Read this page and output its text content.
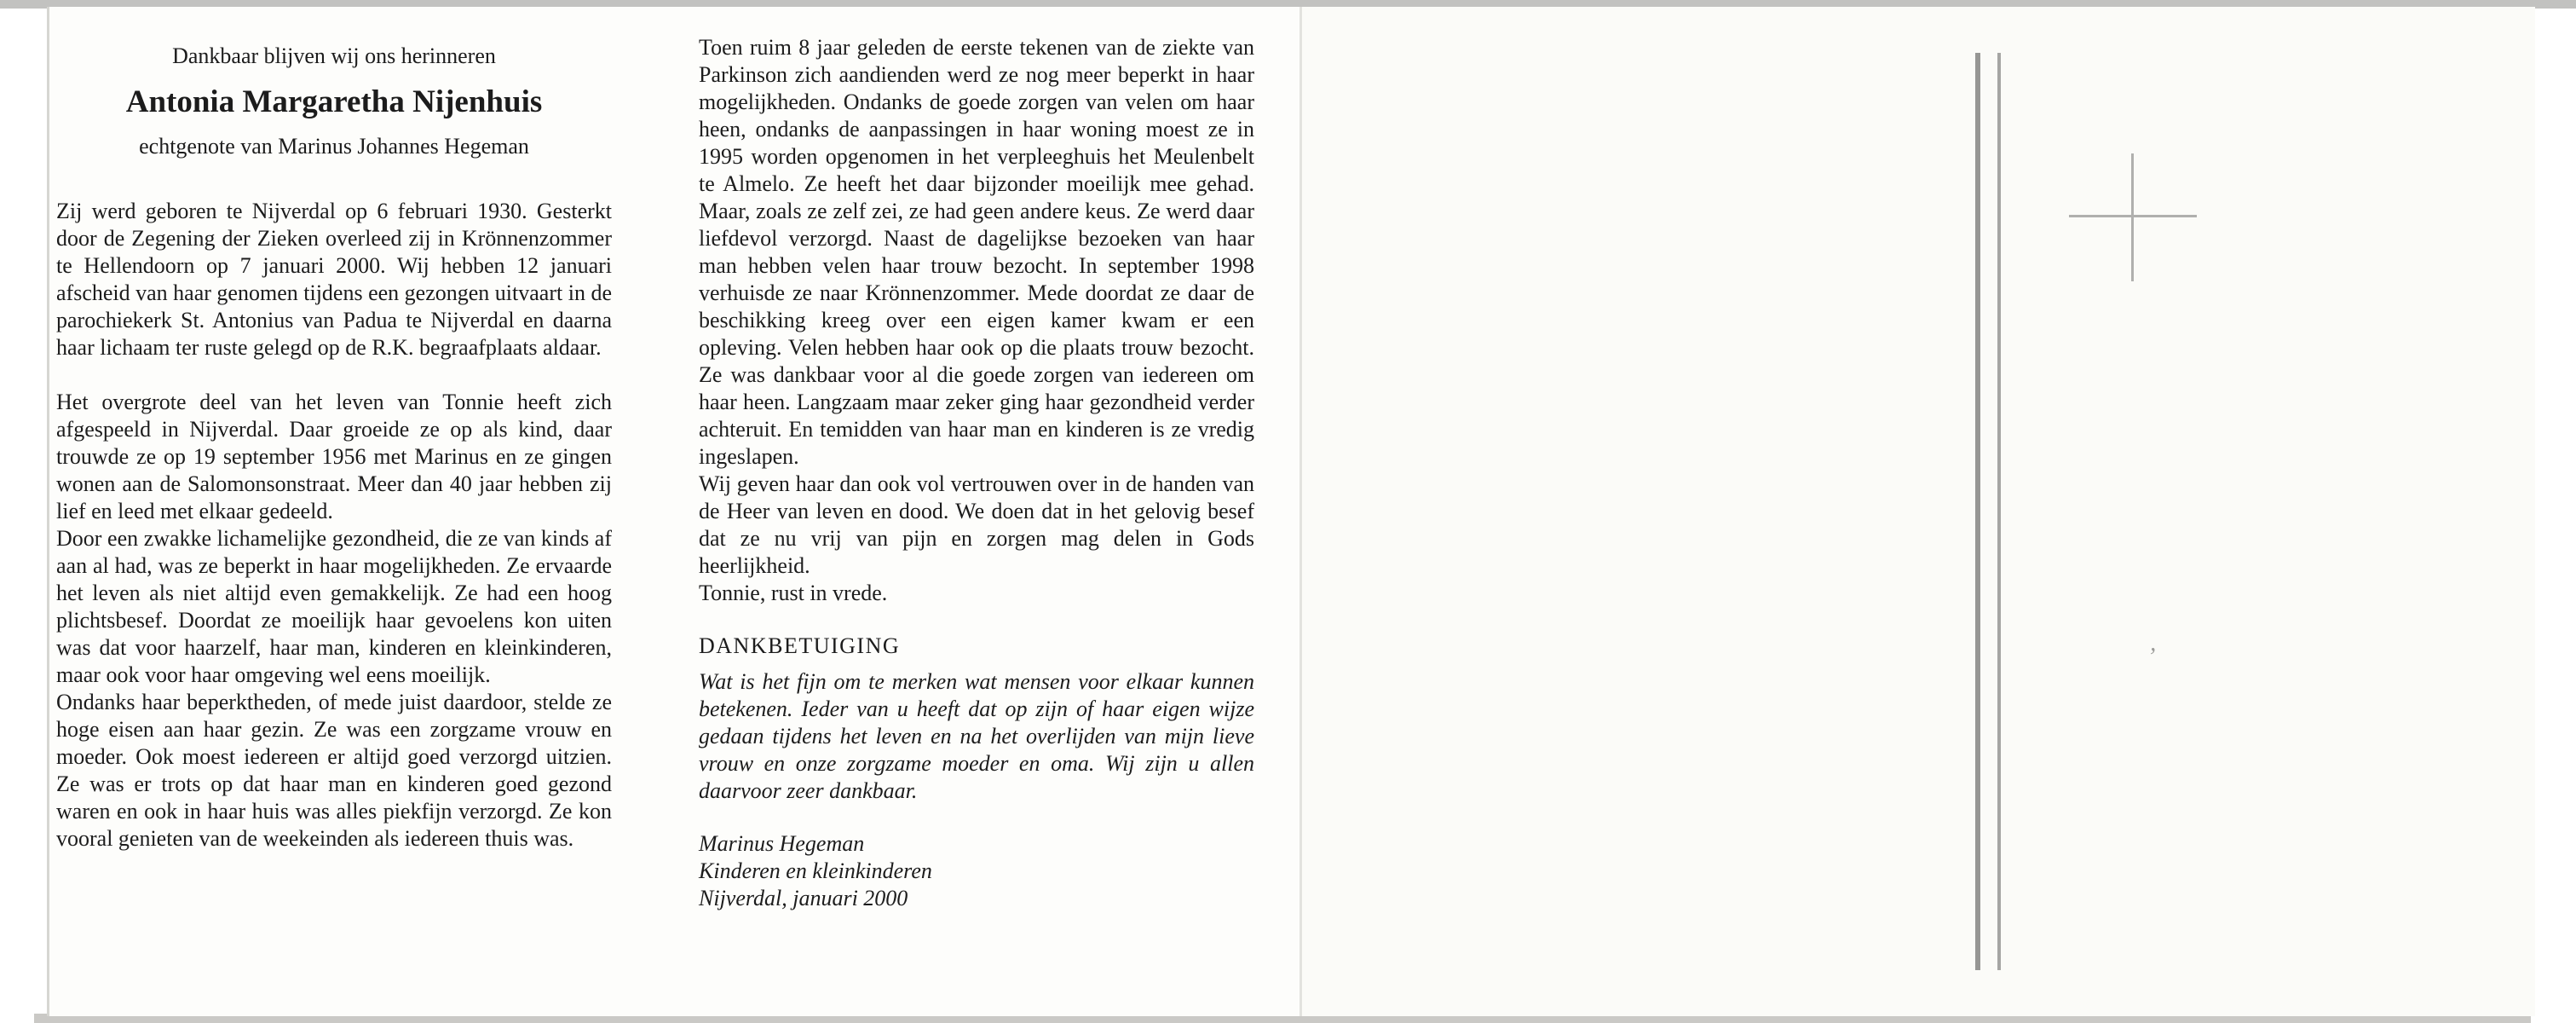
Dankbaar blijven wij ons herinneren

Antonia Margaretha Nijenhuis

echtgenote van Marinus Johannes Hegeman

Zij werd geboren te Nijverdal op 6 februari 1930. Gesterkt door de Zegening der Zieken overleed zij in Krönnenzommer te Hellendoorn op 7 januari 2000. Wij hebben 12 januari afscheid van haar genomen tijdens een gezongen uitvaart in de parochiekerk St. Antonius van Padua te Nijverdal en daarna haar lichaam ter ruste gelegd op de R.K. begraafplaats aldaar.

Het overgrote deel van het leven van Tonnie heeft zich afgespeeld in Nijverdal. Daar groeide ze op als kind, daar trouwde ze op 19 september 1956 met Marinus en ze gingen wonen aan de Salomonsonstraat. Meer dan 40 jaar hebben zij lief en leed met elkaar gedeeld.

Door een zwakke lichamelijke gezondheid, die ze van kinds af aan al had, was ze beperkt in haar mogelijkheden. Ze ervaarde het leven als niet altijd even gemakkelijk. Ze had een hoog plichtsbesef. Doordat ze moeilijk haar gevoelens kon uiten was dat voor haarzelf, haar man, kinderen en kleinkinderen, maar ook voor haar omgeving wel eens moeilijk.

Ondanks haar beperktheden, of mede juist daardoor, stelde ze hoge eisen aan haar gezin. Ze was een zorgzame vrouw en moeder. Ook moest iedereen er altijd goed verzorgd uitzien. Ze was er trots op dat haar man en kinderen goed gezond waren en ook in haar huis was alles piekfijn verzorgd. Ze kon vooral genieten van de weekeinden als iedereen thuis was.

Toen ruim 8 jaar geleden de eerste tekenen van de ziekte van Parkinson zich aandienden werd ze nog meer beperkt in haar mogelijkheden. Ondanks de goede zorgen van velen om haar heen, ondanks de aanpassingen in haar woning moest ze in 1995 worden opgenomen in het verpleeghuis het Meulenbelt te Almelo. Ze heeft het daar bijzonder moeilijk mee gehad. Maar, zoals ze zelf zei, ze had geen andere keus. Ze werd daar liefdevol verzorgd. Naast de dagelijkse bezoeken van haar man hebben velen haar trouw bezocht. In september 1998 verhuisde ze naar Krönnenzommer. Mede doordat ze daar de beschikking kreeg over een eigen kamer kwam er een opleving. Velen hebben haar ook op die plaats trouw bezocht. Ze was dankbaar voor al die goede zorgen van iedereen om haar heen. Langzaam maar zeker ging haar gezondheid verder achteruit. En temidden van haar man en kinderen is ze vredig ingeslapen.

Wij geven haar dan ook vol vertrouwen over in de handen van de Heer van leven en dood. We doen dat in het gelovig besef dat ze nu vrij van pijn en zorgen mag delen in Gods heerlijkheid.

Tonnie, rust in vrede.

DANKBETUIGING

Wat is het fijn om te merken wat mensen voor elkaar kunnen betekenen. Ieder van u heeft dat op zijn of haar eigen wijze gedaan tijdens het leven en na het overlijden van mijn lieve vrouw en onze zorgzame moeder en oma. Wij zijn u allen daarvoor zeer dankbaar.

Marinus Hegeman

Kinderen en kleinkinderen

Nijverdal, januari 2000

’
